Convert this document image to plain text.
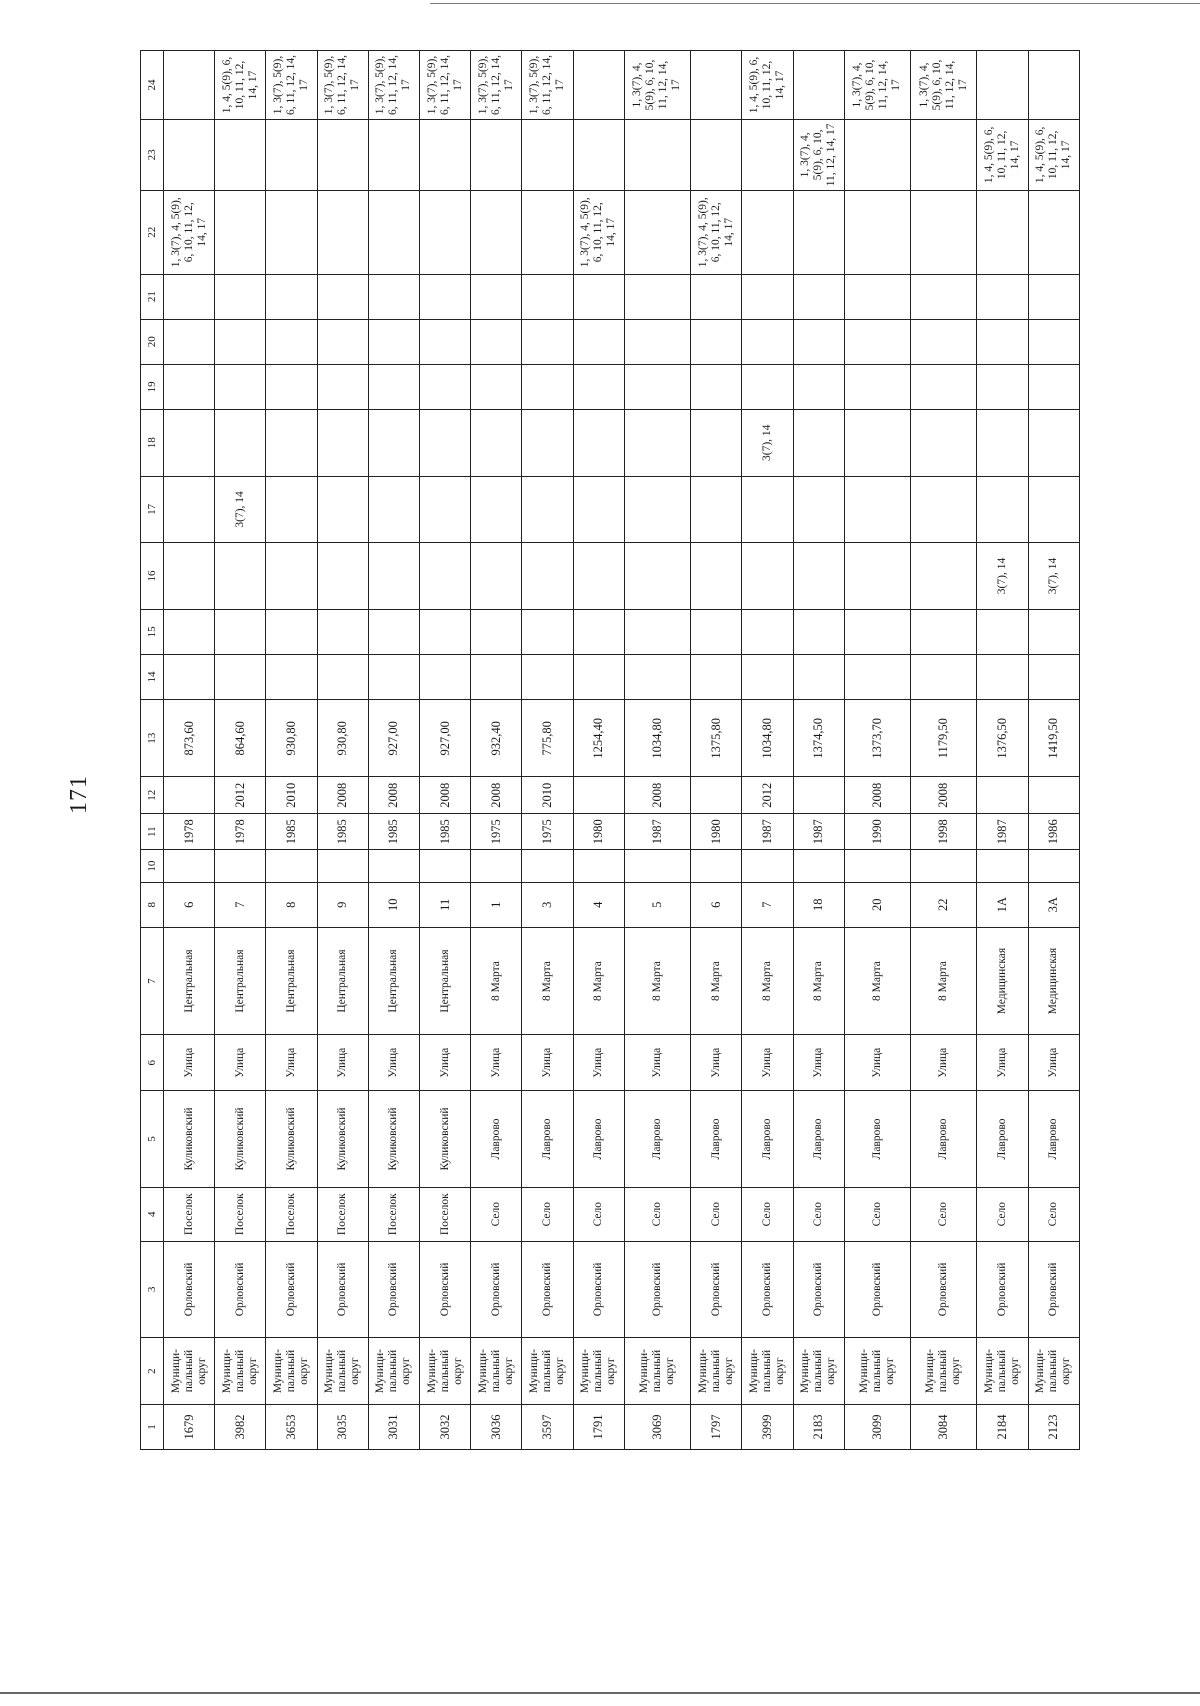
171
1	2	3	4	5	6	7	8	10	11	12	13	14	15	16	17	18	19	20	21	22	23	24
1679	Муници-пальный округ	Орловский	Поселок	Куликовский	Улица	Центральная	6		1978		873,60									1, 3(7), 4, 5(9), 6, 10, 11, 12, 14, 17		
3982	Муници-пальный округ	Орловский	Поселок	Куликовский	Улица	Центральная	7		1978	2012	864,60				3(7), 14							1, 4, 5(9), 6, 10, 11, 12, 14, 17
3653	Муници-пальный округ	Орловский	Поселок	Куликовский	Улица	Центральная	8		1985	2010	930,80											1, 3(7), 5(9), 6, 11, 12, 14, 17
3035	Муници-пальный округ	Орловский	Поселок	Куликовский	Улица	Центральная	9		1985	2008	930,80											1, 3(7), 5(9), 6, 11, 12, 14, 17
3031	Муници-пальный округ	Орловский	Поселок	Куликовский	Улица	Центральная	10		1985	2008	927,00											1, 3(7), 5(9), 6, 11, 12, 14, 17
3032	Муници-пальный округ	Орловский	Поселок	Куликовский	Улица	Центральная	11		1985	2008	927,00											1, 3(7), 5(9), 6, 11, 12, 14, 17
3036	Муници-пальный округ	Орловский	Село	Лаврово	Улица	8 Марта	1		1975	2008	932,40											1, 3(7), 5(9), 6, 11, 12, 14, 17
3597	Муници-пальный округ	Орловский	Село	Лаврово	Улица	8 Марта	3		1975	2010	775,80											1, 3(7), 5(9), 6, 11, 12, 14, 17
1791	Муници-пальный округ	Орловский	Село	Лаврово	Улица	8 Марта	4		1980		1254,40									1, 3(7), 4, 5(9), 6, 10, 11, 12, 14, 17		
3069	Муници-пальный округ	Орловский	Село	Лаврово	Улица	8 Марта	5		1987	2008	1034,80											1, 3(7), 4, 5(9), 6, 10, 11, 12, 14, 17
1797	Муници-пальный округ	Орловский	Село	Лаврово	Улица	8 Марта	6		1980		1375,80									1, 3(7), 4, 5(9), 6, 10, 11, 12, 14, 17		
3999	Муници-пальный округ	Орловский	Село	Лаврово	Улица	8 Марта	7		1987	2012	1034,80					3(7), 14						1, 4, 5(9), 6, 10, 11, 12, 14, 17
2183	Муници-пальный округ	Орловский	Село	Лаврово	Улица	8 Марта	18		1987		1374,50										1, 3(7), 4, 5(9), 6, 10, 11, 12, 14, 17	
3099	Муници-пальный округ	Орловский	Село	Лаврово	Улица	8 Марта	20		1990	2008	1373,70											1, 3(7), 4, 5(9), 6, 10, 11, 12, 14, 17
3084	Муници-пальный округ	Орловский	Село	Лаврово	Улица	8 Марта	22		1998	2008	1179,50											1, 3(7), 4, 5(9), 6, 10, 11, 12, 14, 17
2184	Муници-пальный округ	Орловский	Село	Лаврово	Улица	Медицинская	1А		1987		1376,50			3(7), 14							1, 4, 5(9), 6, 10, 11, 12, 14, 17	
2123	Муници-пальный округ	Орловский	Село	Лаврово	Улица	Медицинская	3А		1986		1419,50			3(7), 14							1, 4, 5(9), 6, 10, 11, 12, 14, 17	
